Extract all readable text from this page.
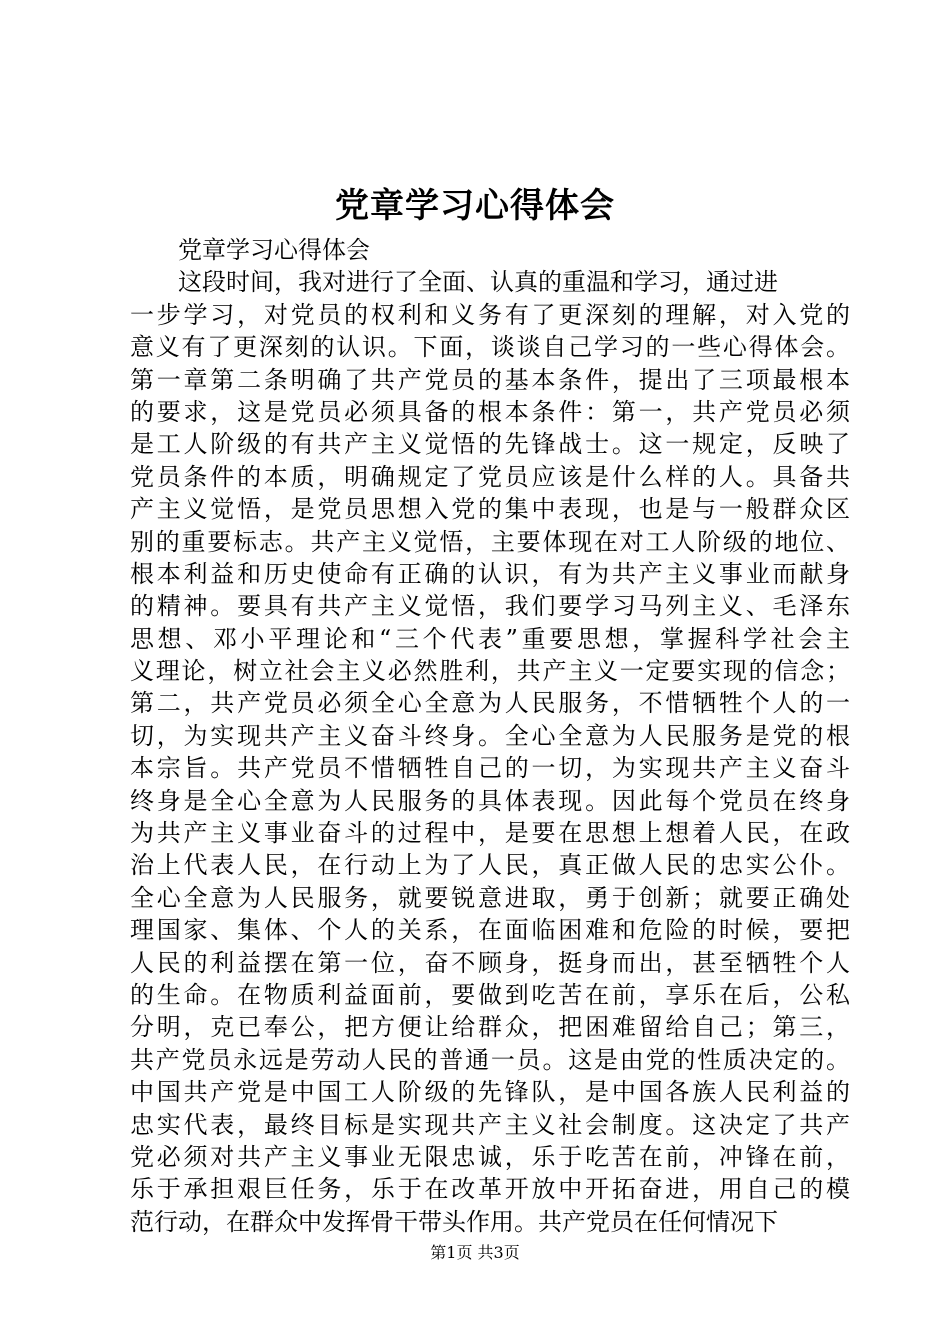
党章学习心得体会
党章学习心得体会
这段时间，我对进行了全面、认真的重温和学习，通过进
一步学习，对党员的权利和义务有了更深刻的理解，对入党的
意义有了更深刻的认识。下面，谈谈自己学习的一些心得体会。
第一章第二条明确了共产党员的基本条件，提出了三项最根本
的要求，这是党员必须具备的根本条件：第一，共产党员必须
是工人阶级的有共产主义觉悟的先锋战士。这一规定，反映了
党员条件的本质，明确规定了党员应该是什么样的人。具备共
产主义觉悟，是党员思想入党的集中表现，也是与一般群众区
别的重要标志。共产主义觉悟，主要体现在对工人阶级的地位、
根本利益和历史使命有正确的认识，有为共产主义事业而献身
的精神。要具有共产主义觉悟，我们要学习马列主义、毛泽东
思想、邓小平理论和“三个代表”重要思想，掌握科学社会主
义理论，树立社会主义必然胜利，共产主义一定要实现的信念；
第二，共产党员必须全心全意为人民服务，不惜牺牲个人的一
切，为实现共产主义奋斗终身。全心全意为人民服务是党的根
本宗旨。共产党员不惜牺牲自己的一切，为实现共产主义奋斗
终身是全心全意为人民服务的具体表现。因此每个党员在终身
为共产主义事业奋斗的过程中，是要在思想上想着人民，在政
治上代表人民，在行动上为了人民，真正做人民的忠实公仆。
全心全意为人民服务，就要锐意进取，勇于创新；就要正确处
理国家、集体、个人的关系，在面临困难和危险的时候，要把
人民的利益摆在第一位，奋不顾身，挺身而出，甚至牺牲个人
的生命。在物质利益面前，要做到吃苦在前，享乐在后，公私
分明，克已奉公，把方便让给群众，把困难留给自己；第三，
共产党员永远是劳动人民的普通一员。这是由党的性质决定的。
中国共产党是中国工人阶级的先锋队，是中国各族人民利益的
忠实代表，最终目标是实现共产主义社会制度。这决定了共产
党必须对共产主义事业无限忠诚，乐于吃苦在前，冲锋在前，
乐于承担艰巨任务，乐于在改革开放中开拓奋进，用自己的模
范行动，在群众中发挥骨干带头作用。共产党员在任何情况下
第1页 共3页
